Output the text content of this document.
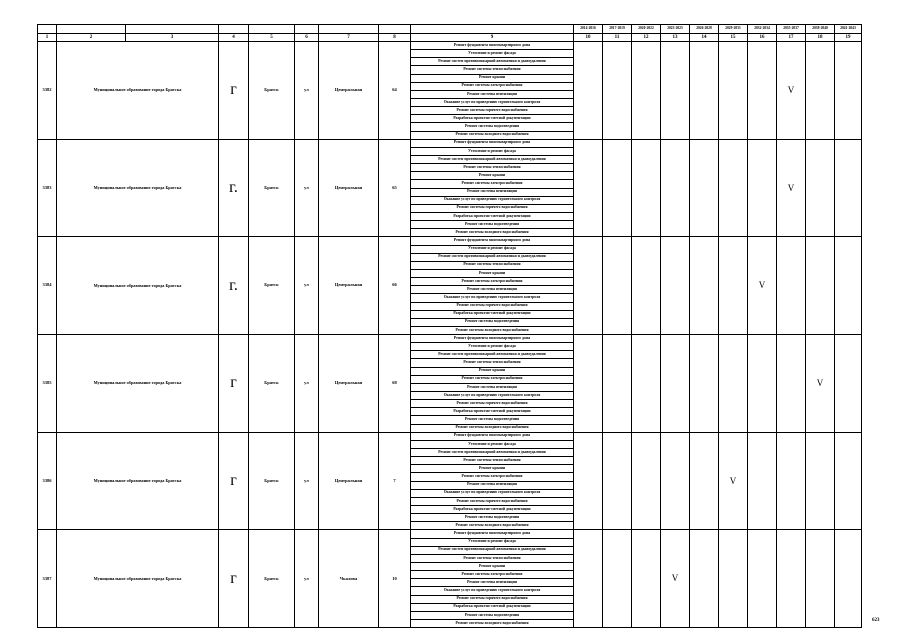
									2014-2016	2017-2019	2020-2022	2023-2025	2026-2028	2029-2031	2032-2034	2035-2037	2038-2040	2041-2043
1	2	3	4	5	6	7	8	9	10	11	12	13	14	15	16	17	18	19
3382	Муниципальное образование города Братска		г	Братск	ул	Центральная	64	Ремонт фундамента многоквартирного дома								V		
								Утепление и ремонт фасада										
								Ремонт систем противопожарной автоматики и дымоудаления										
								Ремонт системы теплоснабжения										
								Ремонт крыши										
								Ремонт системы электроснабжения										
								Ремонт системы вентиляции										
								Оказание услуг по проведению строительного контроля										
								Ремонт системы горячего водоснабжения										
								Разработка проектно-сметной документации										
								Ремонт системы водоотведения										
								Ремонт системы холодного водоснабжения										
3383	Муниципальное образование города Братска		г.	Братск	ул	Центральная	65	Ремонт фундамента многоквартирного дома								V		
								Утепление и ремонт фасада										
								Ремонт систем противопожарной автоматики и дымоудаления										
								Ремонт системы теплоснабжения										
								Ремонт крыши										
								Ремонт системы электроснабжения										
								Ремонт системы вентиляции										
								Оказание услуг по проведению строительного контроля										
								Ремонт системы горячего водоснабжения										
								Разработка проектно-сметной документации										
								Ремонт системы водоотведения										
								Ремонт системы холодного водоснабжения										
3384	Муниципальное образование города Братска		г.	Братск	ул	Центральная	66	Ремонт фундамента многоквартирного дома							V			
								Утепление и ремонт фасада										
								Ремонт систем противопожарной автоматики и дымоудаления										
								Ремонт системы теплоснабжения										
								Ремонт крыши										
								Ремонт системы электроснабжения										
								Ремонт системы вентиляции										
								Оказание услуг по проведению строительного контроля										
								Ремонт системы горячего водоснабжения										
								Разработка проектно-сметной документации										
								Ремонт системы водоотведения										
								Ремонт системы холодного водоснабжения										
3385	Муниципальное образование города Братска		г	Братск	ул	Центральная	68	Ремонт фундамента многоквартирного дома									V	
								Утепление и ремонт фасада										
								Ремонт систем противопожарной автоматики и дымоудаления										
								Ремонт системы теплоснабжения										
								Ремонт крыши										
								Ремонт системы электроснабжения										
								Ремонт системы вентиляции										
								Оказание услуг по проведению строительного контроля										
								Ремонт системы горячего водоснабжения										
								Разработка проектно-сметной документации										
								Ремонт системы водоотведения										
								Ремонт системы холодного водоснабжения										
3386	Муниципальное образование города Братска		г	Братск	ул	Центральная	7	Ремонт фундамента многоквартирного дома						V				
								Утепление и ремонт фасада										
								Ремонт систем противопожарной автоматики и дымоудаления										
								Ремонт системы теплоснабжения										
								Ремонт крыши										
								Ремонт системы электроснабжения										
								Ремонт системы вентиляции										
								Оказание услуг по проведению строительного контроля										
								Ремонт системы горячего водоснабжения										
								Разработка проектно-сметной документации										
								Ремонт системы водоотведения										
								Ремонт системы холодного водоснабжения										
3387	Муниципальное образование города Братска		г	Братск	ул	Чкалова	10	Ремонт фундамента многоквартирного дома				V						
								Утепление и ремонт фасада										
								Ремонт систем противопожарной автоматики и дымоудаления										
								Ремонт системы теплоснабжения										
								Ремонт крыши										
								Ремонт системы электроснабжения										
								Ремонт системы вентиляции										
								Оказание услуг по проведению строительного контроля										
								Ремонт системы горячего водоснабжения										
								Разработка проектно-сметной документации										
								Ремонт системы водоотведения										
								Ремонт системы холодного водоснабжения											623
